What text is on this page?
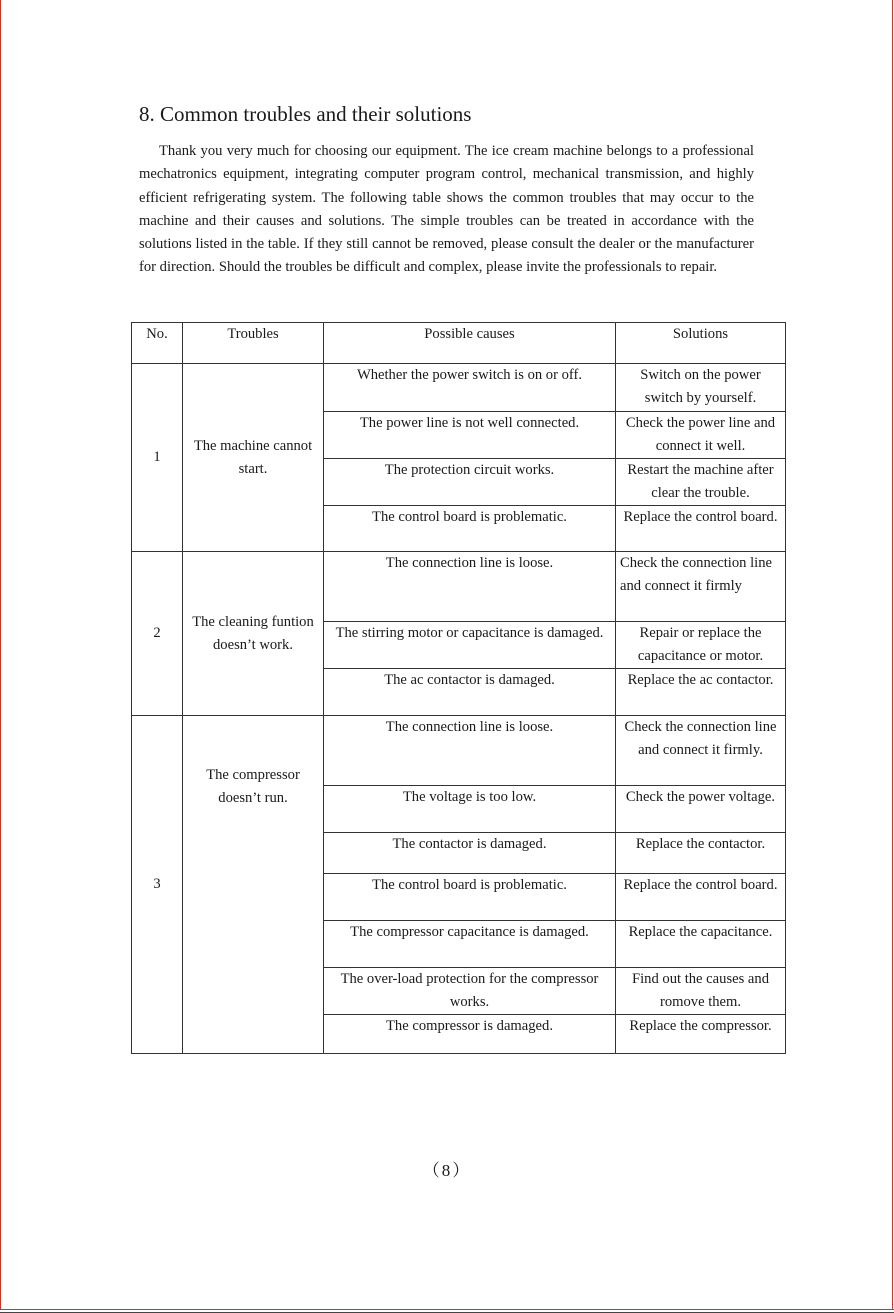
8. Common troubles and their solutions
Thank you very much for choosing our equipment. The ice cream machine belongs to a professional mechatronics equipment, integrating computer program control, mechanical transmission, and highly efficient refrigerating system. The following table shows the common troubles that may occur to the machine and their causes and solutions. The simple troubles can be treated in accordance with the solutions listed in the table. If they still cannot be removed, please consult the dealer or the manufacturer for direction. Should the troubles be difficult and complex, please invite the professionals to repair.
No.	Troubles	Possible causes	Solutions
1	The machine cannot start.	Whether the power switch is on or off.	Switch on the power switch by yourself.
		The power line is not well connected.	Check the power line and connect it well.
		The protection circuit works.	Restart the machine after clear the trouble.
		The control board is problematic.	Replace the control board.
2	The cleaning funtion doesn’t work.	The connection line is loose.	Check the connection line and connect it firmly
		The stirring motor or capacitance is damaged.	Repair or replace the capacitance or motor.
		The ac contactor is damaged.	Replace the ac contactor.
3	The compressor doesn’t run.	The connection line is loose.	Check the connection line and connect it firmly.
		The voltage is too low.	Check the power voltage.
		The contactor is damaged.	Replace the contactor.
		The control board is problematic.	Replace the control board.
		The compressor capacitance is damaged.	Replace the capacitance.
		The over-load protection for the compressor works.	Find out the causes and romove them.
		The compressor is damaged.	Replace the compressor.
（8）
